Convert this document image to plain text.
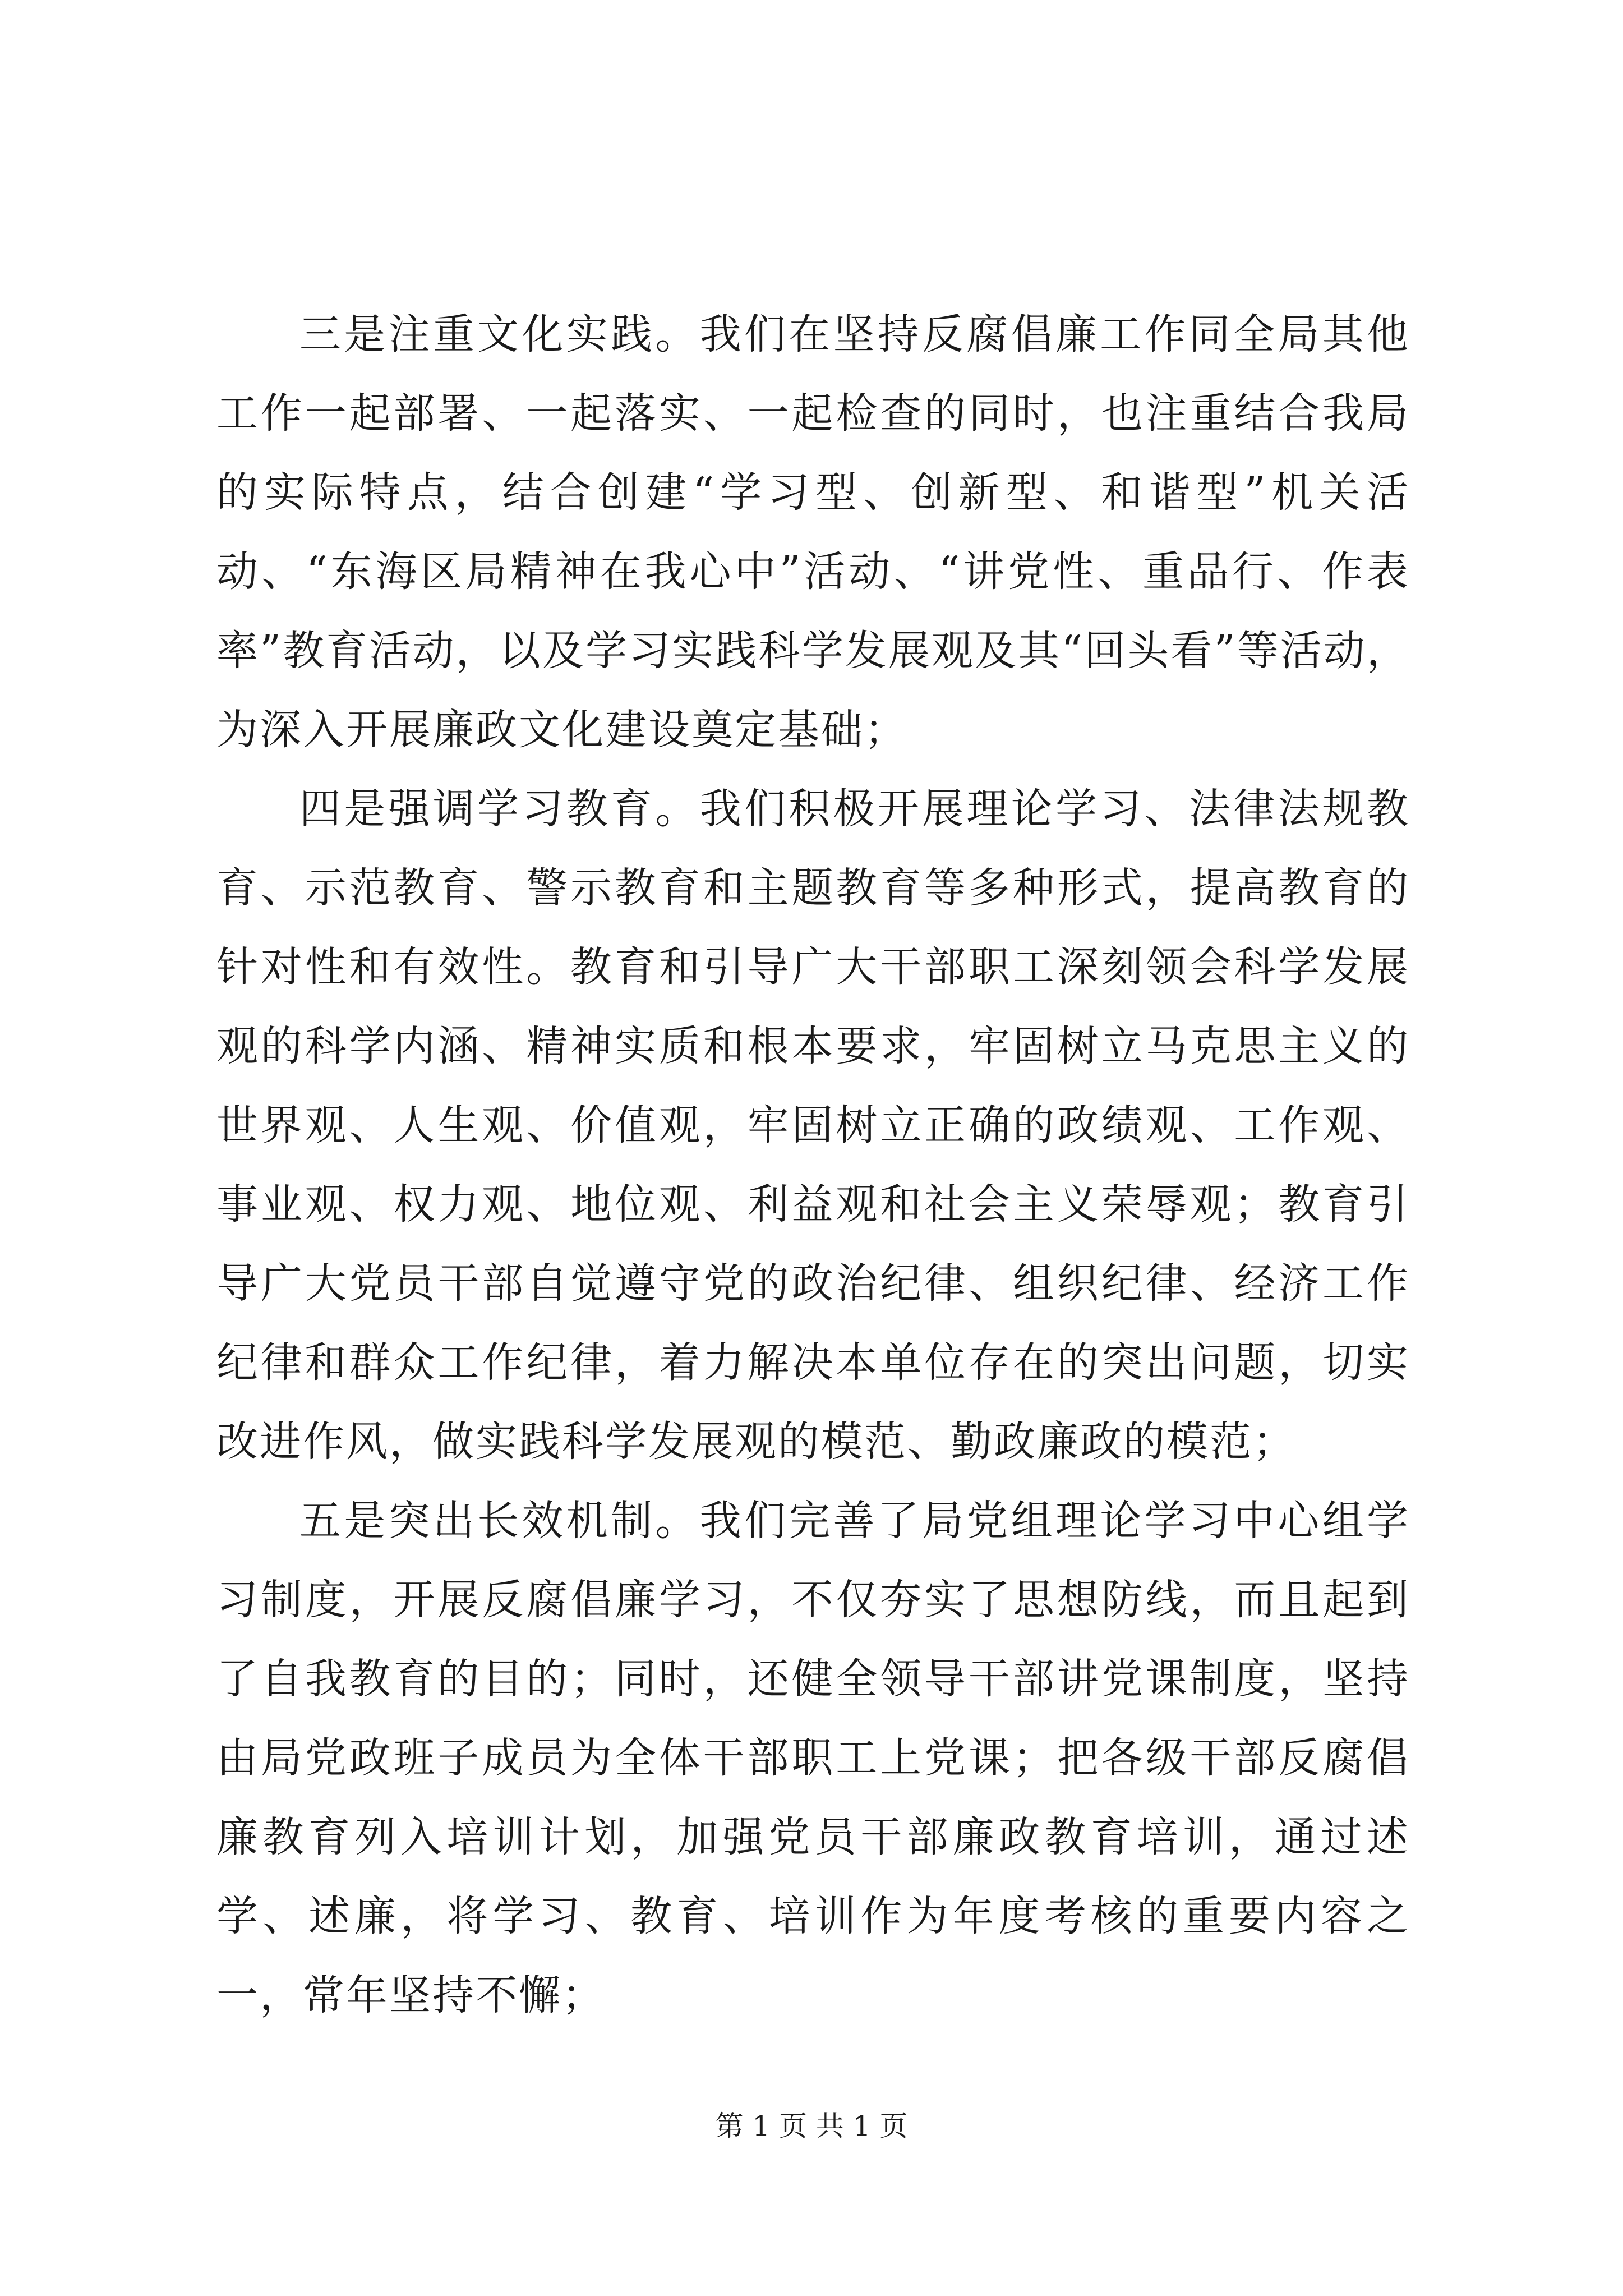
三是注重文化实践。我们在坚持反腐倡廉工作同全局其他工作一起部署、一起落实、一起检查的同时，也注重结合我局的实际特点，结合创建“学习型、创新型、和谐型”机关活动、“东海区局精神在我心中”活动、“讲党性、重品行、作表率”教育活动，以及学习实践科学发展观及其“回头看”等活动，为深入开展廉政文化建设奠定基础；

四是强调学习教育。我们积极开展理论学习、法律法规教育、示范教育、警示教育和主题教育等多种形式，提高教育的针对性和有效性。教育和引导广大干部职工深刻领会科学发展观的科学内涵、精神实质和根本要求，牢固树立马克思主义的世界观、人生观、价值观，牢固树立正确的政绩观、工作观、事业观、权力观、地位观、利益观和社会主义荣辱观；教育引导广大党员干部自觉遵守党的政治纪律、组织纪律、经济工作纪律和群众工作纪律，着力解决本单位存在的突出问题，切实改进作风，做实践科学发展观的模范、勤政廉政的模范；

五是突出长效机制。我们完善了局党组理论学习中心组学习制度，开展反腐倡廉学习，不仅夯实了思想防线，而且起到了自我教育的目的；同时，还健全领导干部讲党课制度，坚持由局党政班子成员为全体干部职工上党课；把各级干部反腐倡廉教育列入培训计划，加强党员干部廉政教育培训，通过述学、述廉，将学习、教育、培训作为年度考核的重要内容之一，常年坚持不懈；

第 1 页 共 1 页
